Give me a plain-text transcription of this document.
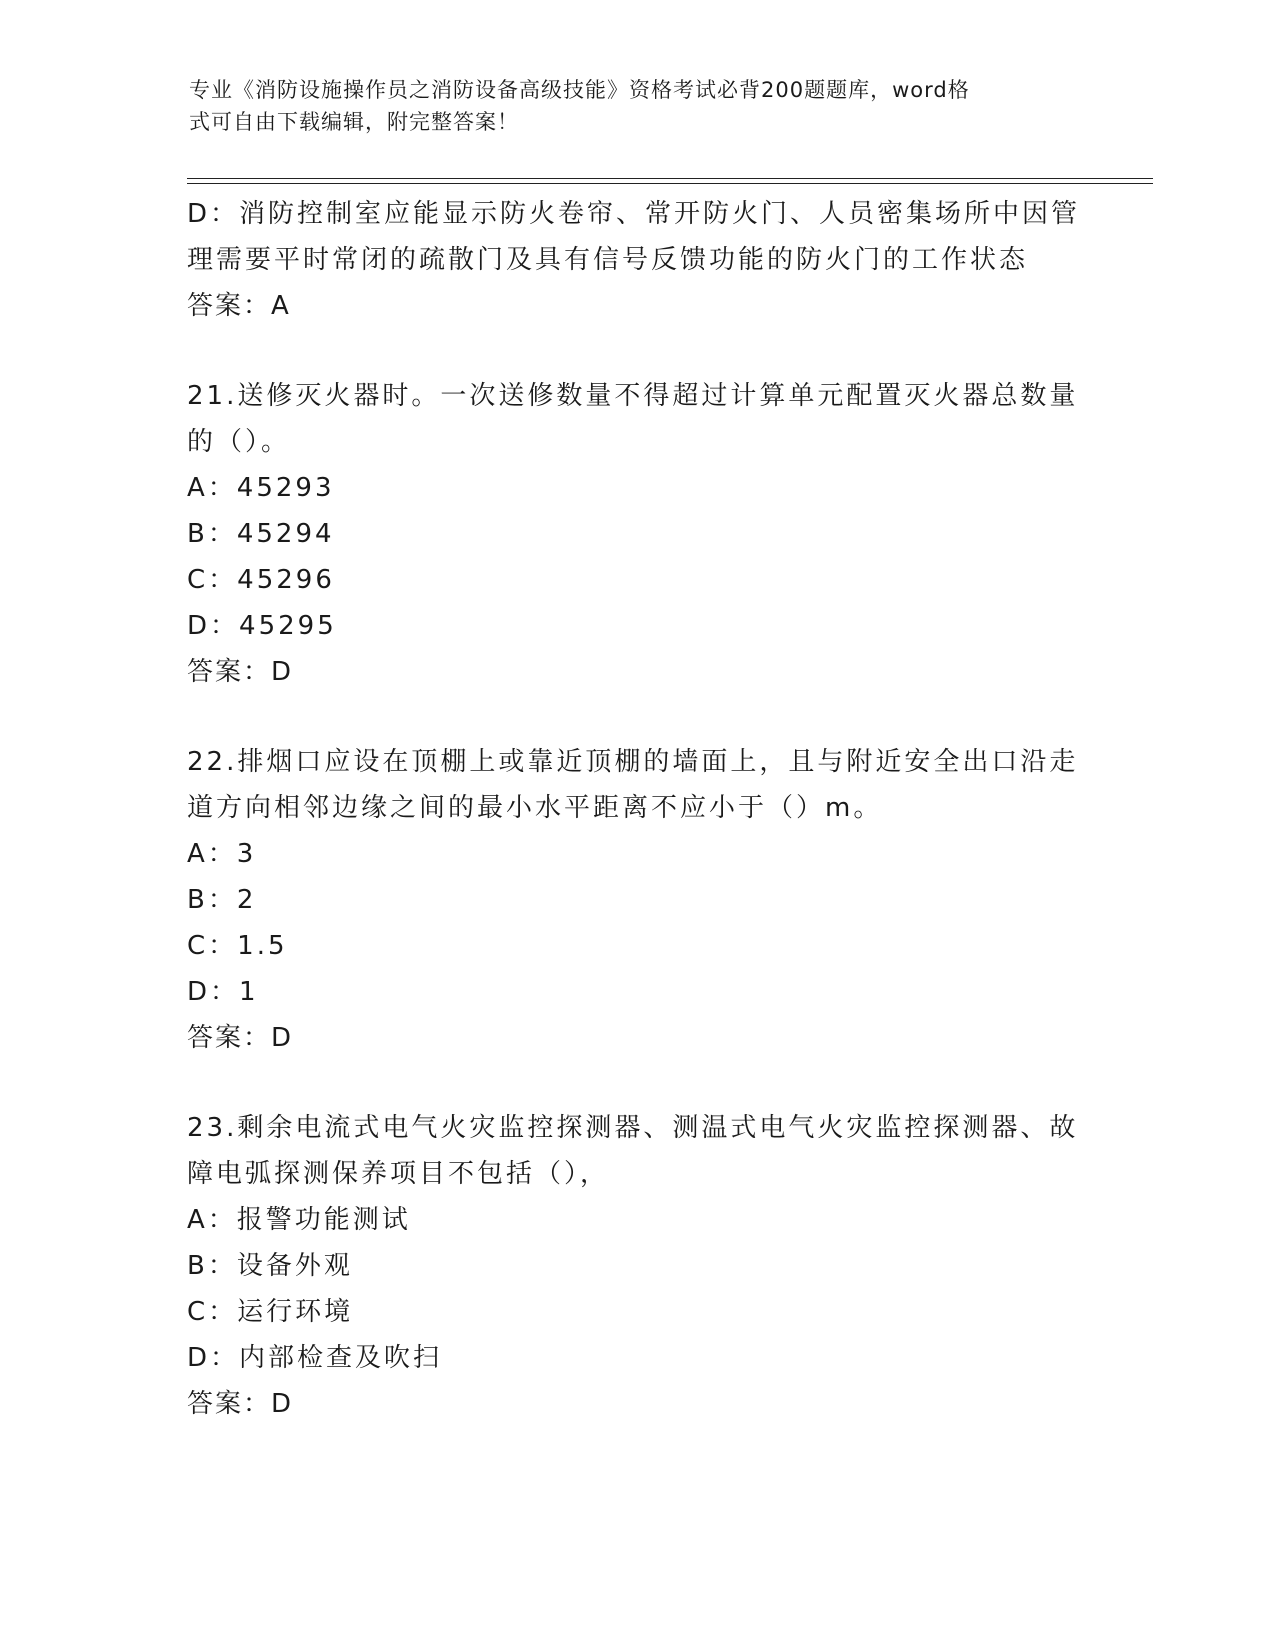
专业《消防设施操作员之消防设备高级技能》资格考试必背200题题库，word格
式可自由下载编辑，附完整答案！
D：消防控制室应能显示防火卷帘、常开防火门、人员密集场所中因管
理需要平时常闭的疏散门及具有信号反馈功能的防火门的工作状态
答案：A
21.送修灭火器时。一次送修数量不得超过计算单元配置灭火器总数量
的（）。
A：45293
B：45294
C：45296
D：45295
答案：D
22.排烟口应设在顶棚上或靠近顶棚的墙面上，且与附近安全出口沿走
道方向相邻边缘之间的最小水平距离不应小于（）m。
A：3
B：2
C：1.5
D：1
答案：D
23.剩余电流式电气火灾监控探测器、测温式电气火灾监控探测器、故
障电弧探测保养项目不包括（），
A：报警功能测试
B：设备外观
C：运行环境
D：内部检查及吹扫
答案：D
